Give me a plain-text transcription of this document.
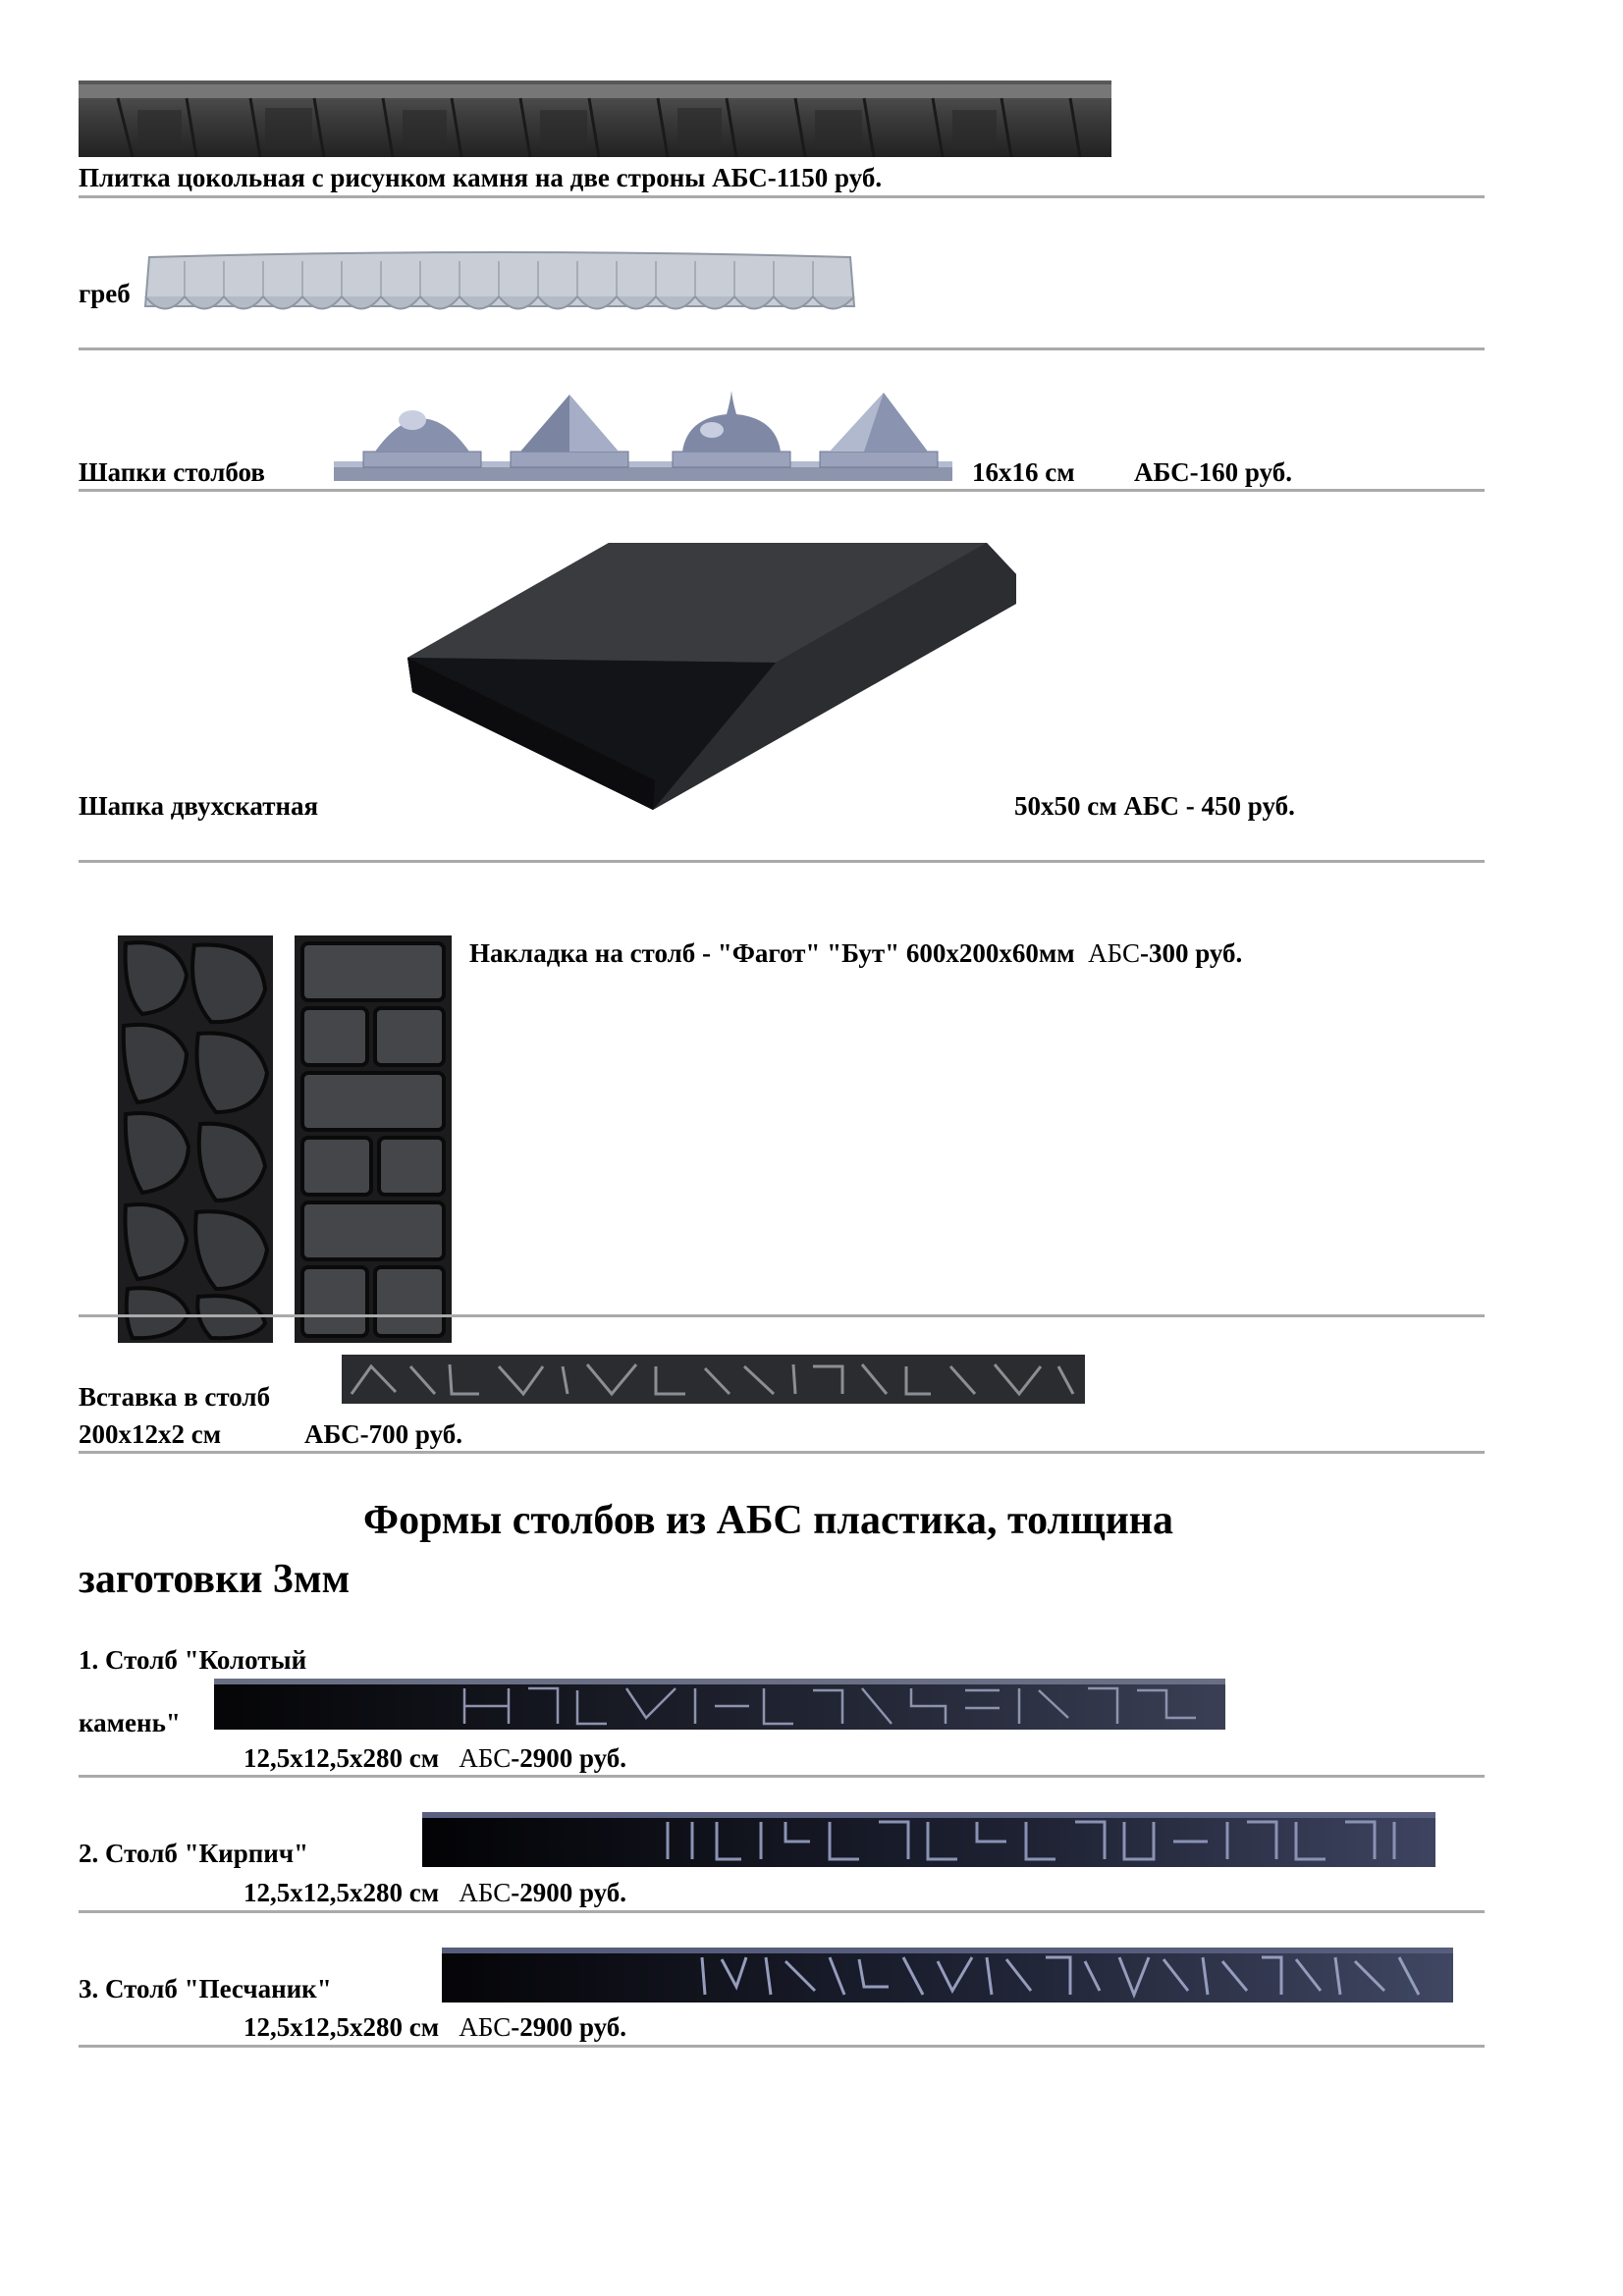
Плитка цокольная с рисунком камня на две строны АБС-1150 руб.
греб
Шапки столбов	16х16 см АБС-160 руб.
Шапка двухскатная	50х50 см АБС - 450 руб.
Накладка на столб - "Фагот" "Бут" 600х200х60мм АБС-300 руб.
Вставка в столб
200х12х2 см	АБС-700 руб.
Формы столбов из АБС пластика, толщина
заготовки 3мм
1. Столб "Колотый
камень"
12,5х12,5х280 см АБС-2900 руб.
2. Столб "Кирпич"
12,5х12,5х280 см АБС-2900 руб.
3. Столб "Песчаник"
12,5х12,5х280 см АБС-2900 руб.
